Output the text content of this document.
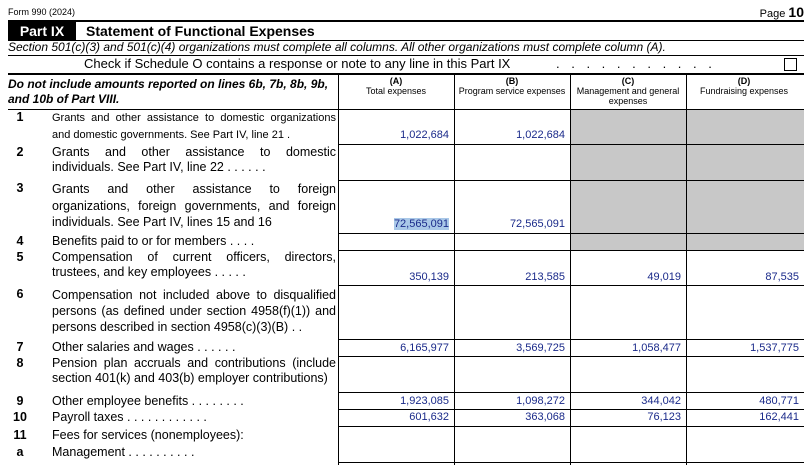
Form 990 (2024)	Page 10
Part IX	Statement of Functional Expenses
Section 501(c)(3) and 501(c)(4) organizations must complete all columns. All other organizations must complete column (A).
Check if Schedule O contains a response or note to any line in this Part IX	. . . . . . . . . . .
Do not include amounts reported on lines 6b, 7b, 8b, 9b, and 10b of Part VIII.
(A)
Total expenses
(B)
Program service expenses
(C)
Management and general expenses
(D)
Fundraising expenses
1	Grants and other assistance to domestic organizations and domestic governments. See Part IV, line 21 .	1,022,684	1,022,684
2	Grants and other assistance to domestic individuals. See Part IV, line 22 . . . . . .
3	Grants and other assistance to foreign organizations, foreign governments, and foreign individuals. See Part IV, lines 15 and 16	72,565,091	72,565,091
4	Benefits paid to or for members . . . .
5	Compensation of current officers, directors, trustees, and key employees . . . . .	350,139	213,585	49,019	87,535
6	Compensation not included above to disqualified persons (as defined under section 4958(f)(1)) and persons described in section 4958(c)(3)(B) . .
7	Other salaries and wages . . . . . .	6,165,977	3,569,725	1,058,477	1,537,775
8	Pension plan accruals and contributions (include section 401(k) and 403(b) employer contributions)
9	Other employee benefits . . . . . . . .	1,923,085	1,098,272	344,042	480,771
10	Payroll taxes . . . . . . . . . . . .	601,632	363,068	76,123	162,441
11	Fees for services (nonemployees):
a	Management . . . . . . . . . .
